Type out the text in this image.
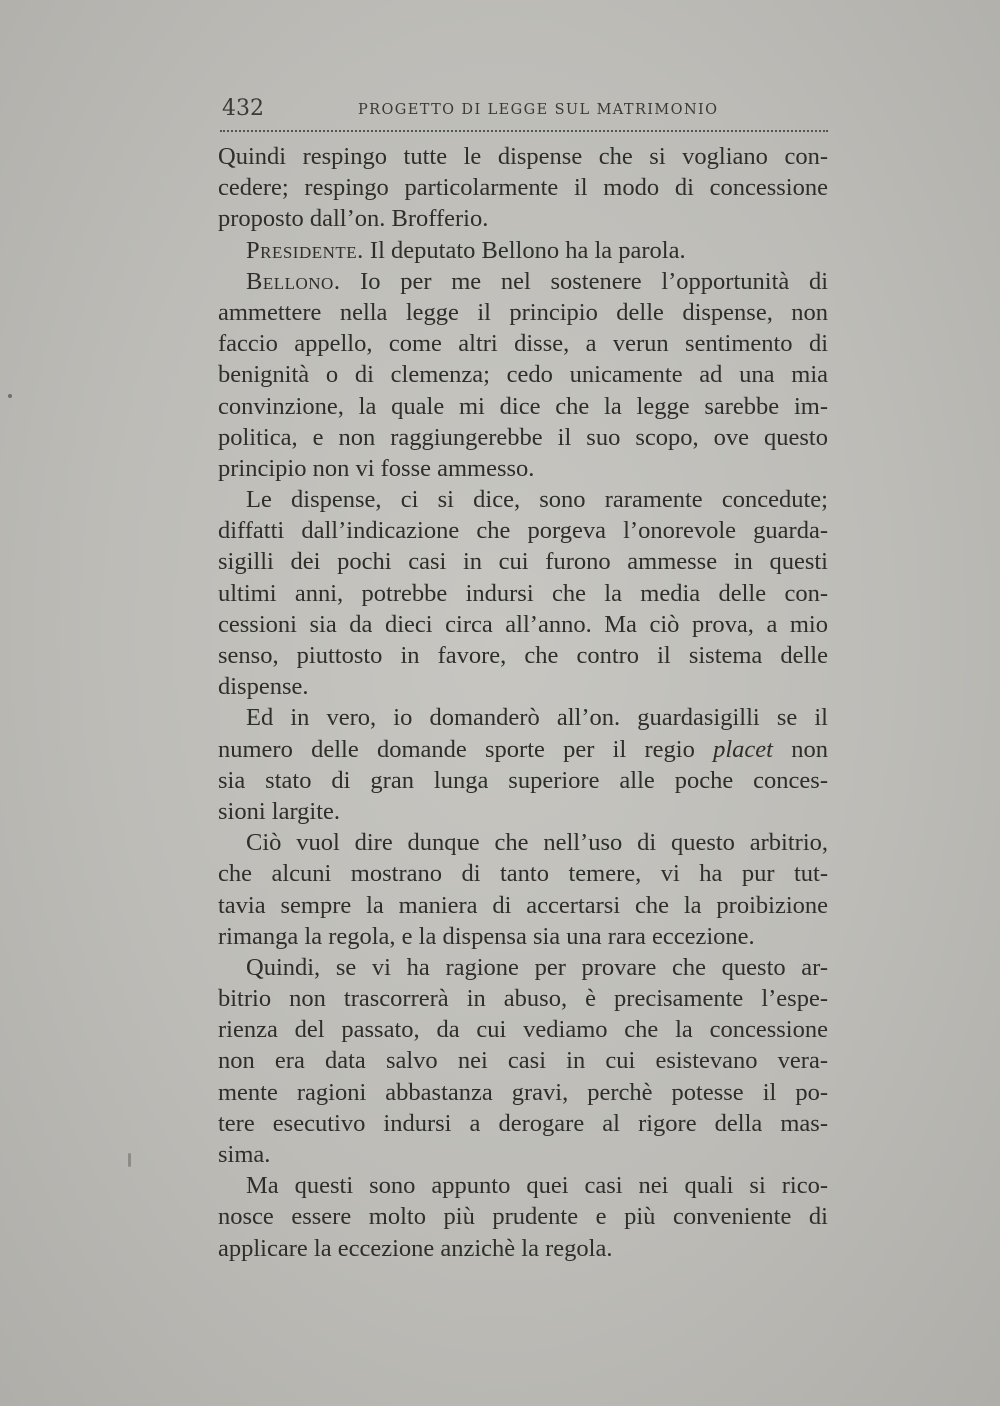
432	PROGETTO DI LEGGE SUL MATRIMONIO
Quindi respingo tutte le dispense che si vogliano con-
cedere; respingo particolarmente il modo di concessione
proposto dall’on. Brofferio.
Presidente. Il deputato Bellono ha la parola.
Bellono. Io per me nel sostenere l’opportunità di
ammettere nella legge il principio delle dispense, non
faccio appello, come altri disse, a verun sentimento di
benignità o di clemenza; cedo unicamente ad una mia
convinzione, la quale mi dice che la legge sarebbe im-
politica, e non raggiungerebbe il suo scopo, ove questo
principio non vi fosse ammesso.
Le dispense, ci si dice, sono raramente concedute;
diffatti dall’indicazione che porgeva l’onorevole guarda-
sigilli dei pochi casi in cui furono ammesse in questi
ultimi anni, potrebbe indursi che la media delle con-
cessioni sia da dieci circa all’anno. Ma ciò prova, a mio
senso, piuttosto in favore, che contro il sistema delle
dispense.
Ed in vero, io domanderò all’on. guardasigilli se il
numero delle domande sporte per il regio placet non
sia stato di gran lunga superiore alle poche conces-
sioni largite.
Ciò vuol dire dunque che nell’uso di questo arbitrio,
che alcuni mostrano di tanto temere, vi ha pur tut-
tavia sempre la maniera di accertarsi che la proibizione
rimanga la regola, e la dispensa sia una rara eccezione.
Quindi, se vi ha ragione per provare che questo ar-
bitrio non trascorrerà in abuso, è precisamente l’espe-
rienza del passato, da cui vediamo che la concessione
non era data salvo nei casi in cui esistevano vera-
mente ragioni abbastanza gravi, perchè potesse il po-
tere esecutivo indursi a derogare al rigore della mas-
sima.
Ma questi sono appunto quei casi nei quali si rico-
nosce essere molto più prudente e più conveniente di
applicare la eccezione anzichè la regola.
